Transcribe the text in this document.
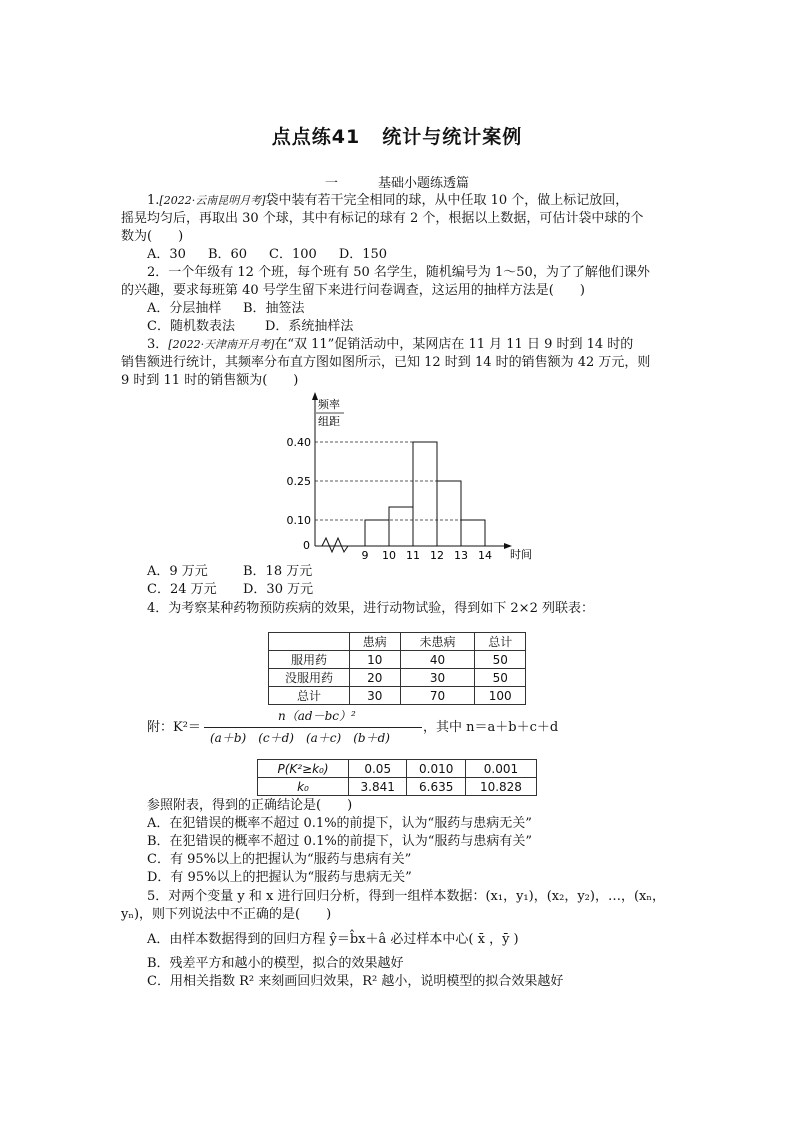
点点练41 统计与统计案例
一	基础小题练透篇
1.[2022·云南昆明月考]袋中装有若干完全相同的球，从中任取 10 个，做上标记放回，
摇晃均匀后，再取出 30 个球，其中有标记的球有 2 个，根据以上数据，可估计袋中球的个
数为(　　)
A．30 B．60 C．100 D．150
2．一个年级有 12 个班，每个班有 50 名学生，随机编号为 1～50，为了了解他们课外
的兴趣，要求每班第 40 号学生留下来进行问卷调查，这运用的抽样方法是(　　)
A．分层抽样 B．抽签法
C．随机数表法 D．系统抽样法
3．[2022·天津南开月考]在“双 11”促销活动中，某网店在 11 月 11 日 9 时到 14 时的
销售额进行统计，其频率分布直方图如图所示，已知 12 时到 14 时的销售额为 42 万元，则
9 时到 11 时的销售额为(　　)
频率
组距
时间
0
9 10 11 12 13 14
0.10
0.25
0.40
A．9 万元	B．18 万元
C．24 万元 D．30 万元
4．为考察某种药物预防疾病的效果，进行动物试验，得到如下 2×2 列联表：
	患病	未患病	总计
服用药	10	40	50
没服用药	20	30	50
总计	30	70	100
附：K²＝
n（ad－bc）²
(a＋b)　(c＋d)　(a＋c)　(b＋d)
，其中 n＝a＋b＋c＋d
P(K²≥k₀)	0.05	0.010	0.001
k₀	3.841	6.635	10.828
参照附表，得到的正确结论是(　　)
A．在犯错误的概率不超过 0.1%的前提下，认为“服药与患病无关”
B．在犯错误的概率不超过 0.1%的前提下，认为“服药与患病有关”
C．有 95%以上的把握认为“服药与患病有关”
D．有 95%以上的把握认为“服药与患病无关”
5．对两个变量 y 和 x 进行回归分析，得到一组样本数据：(x₁，y₁)，(x₂，y₂)，…，(xₙ，
yₙ)，则下列说法中不正确的是(　　)
A．由样本数据得到的回归方程 ŷ＝b̂x＋â 必过样本中心( x̄ ，ȳ )
B．残差平方和越小的模型，拟合的效果越好
C．用相关指数 R² 来刻画回归效果，R² 越小，说明模型的拟合效果越好
